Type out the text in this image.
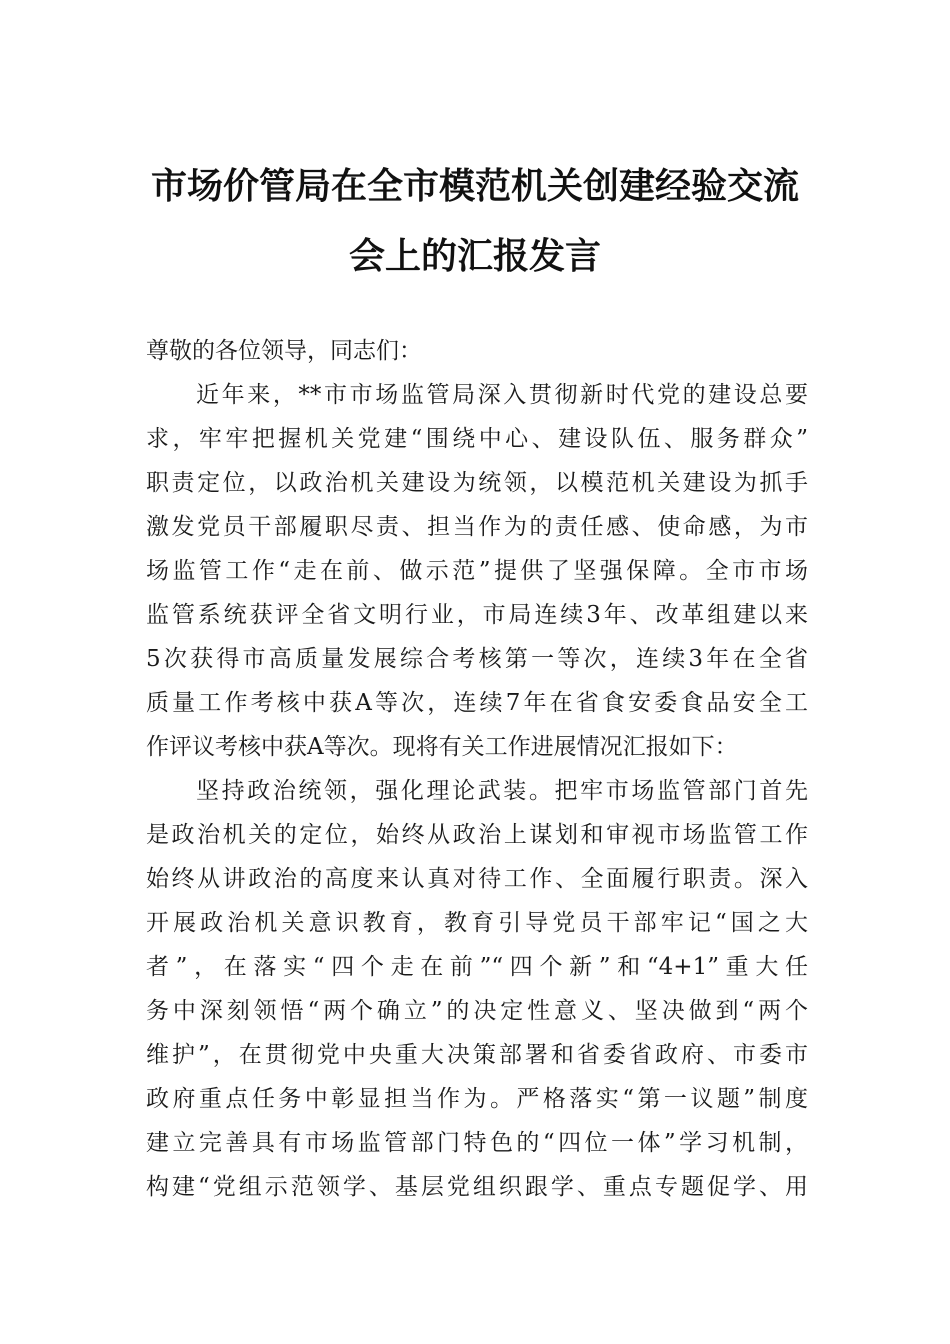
市场价管局在全市模范机关创建经验交流
会上的汇报发言
尊敬的各位领导，同志们：
近年来，**市市场监管局深入贯彻新时代党的建设总要
求，牢牢把握机关党建“围绕中心、建设队伍、服务群众”
职责定位，以政治机关建设为统领，以模范机关建设为抓手
激发党员干部履职尽责、担当作为的责任感、使命感，为市
场监管工作“走在前、做示范”提供了坚强保障。全市市场
监管系统获评全省文明行业，市局连续3年、改革组建以来
5次获得市高质量发展综合考核第一等次，连续3年在全省
质量工作考核中获A等次，连续7年在省食安委食品安全工
作评议考核中获A等次。现将有关工作进展情况汇报如下：
坚持政治统领，强化理论武装。把牢市场监管部门首先
是政治机关的定位，始终从政治上谋划和审视市场监管工作
始终从讲政治的高度来认真对待工作、全面履行职责。深入
开展政治机关意识教育，教育引导党员干部牢记“国之大
者”，在落实“四个走在前”“四个新”和“4+1”重大任
务中深刻领悟“两个确立”的决定性意义、坚决做到“两个
维护”，在贯彻党中央重大决策部署和省委省政府、市委市
政府重点任务中彰显担当作为。严格落实“第一议题”制度
建立完善具有市场监管部门特色的“四位一体”学习机制，
构建“党组示范领学、基层党组织跟学、重点专题促学、用
